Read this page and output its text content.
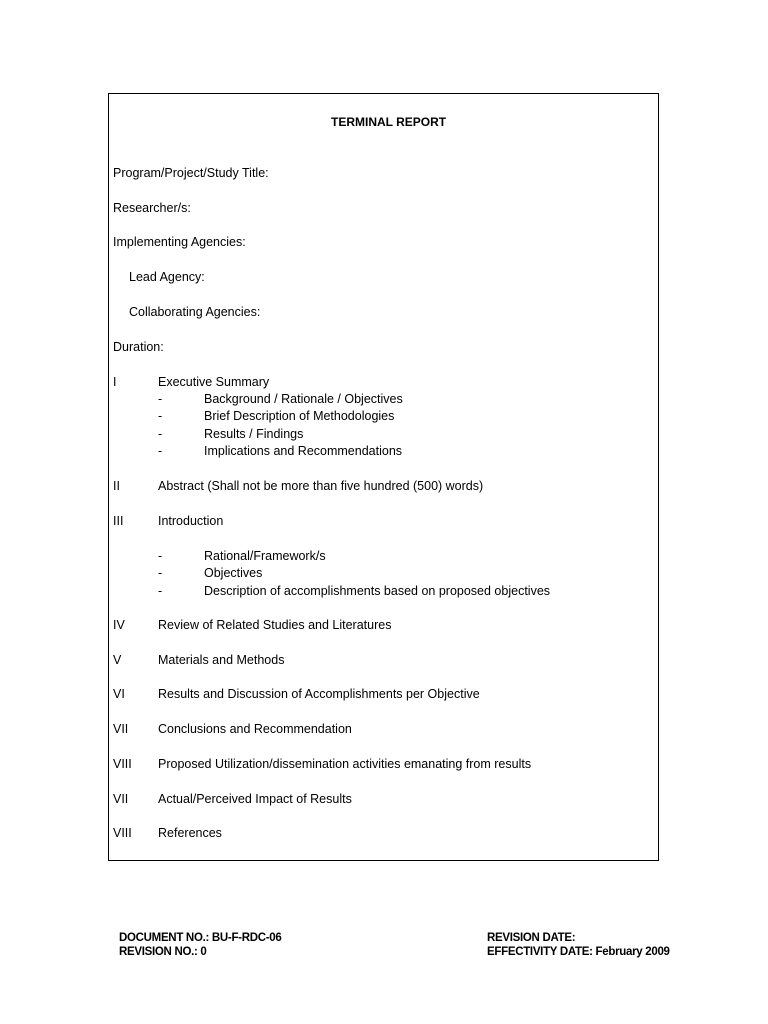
TERMINAL REPORT
Program/Project/Study Title:
Researcher/s:
Implementing Agencies:
Lead Agency:
Collaborating Agencies:
Duration:
I	Executive Summary
-	Background / Rationale / Objectives
-	Brief Description of Methodologies
-	Results / Findings
-	Implications and Recommendations
II	Abstract (Shall not be more than five hundred (500) words)
III	Introduction
-	Rational/Framework/s
-	Objectives
-	Description of accomplishments based on proposed objectives
IV	Review of Related Studies and Literatures
V	Materials and Methods
VI	Results and Discussion of Accomplishments per Objective
VII Conclusions and Recommendation
VIII Proposed Utilization/dissemination activities emanating from results
VII Actual/Perceived Impact of Results
VIII References
DOCUMENT NO.: BU-F-RDC-06
REVISION NO.: 0
REVISION DATE:
EFFECTIVITY DATE: February 2009
